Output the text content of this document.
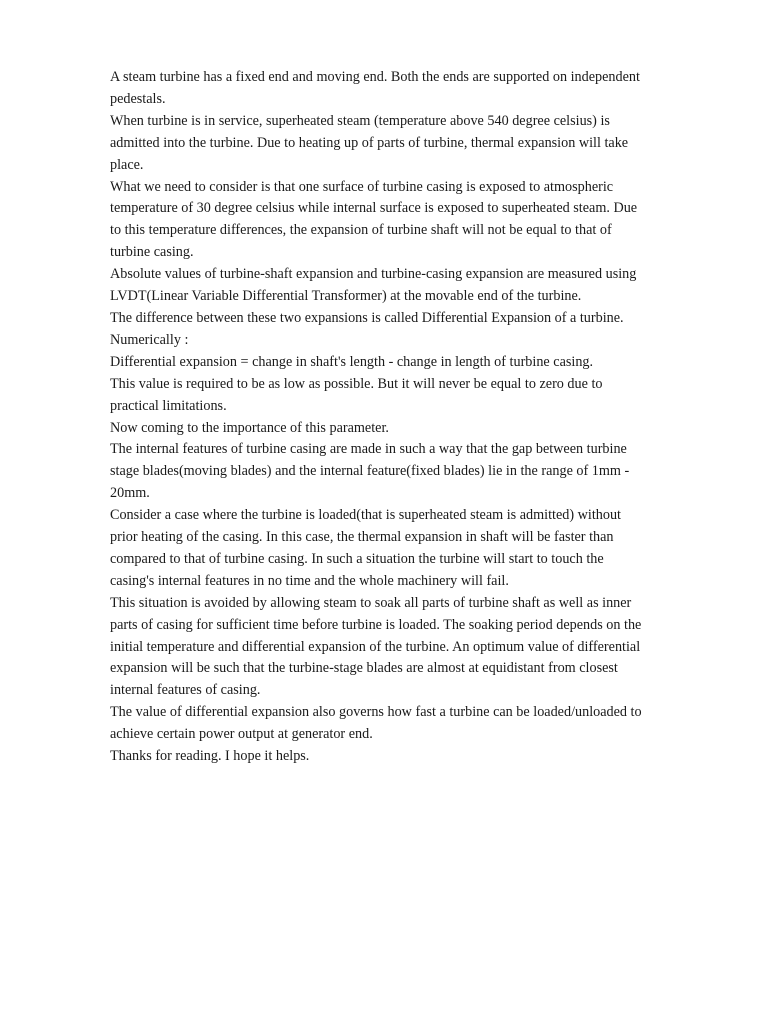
A steam turbine has a fixed end and moving end. Both the ends are supported on independent pedestals.

When turbine is in service, superheated steam (temperature above 540 degree celsius) is admitted into the turbine. Due to heating up of parts of turbine, thermal expansion will take place.

What we need to consider is that one surface of turbine casing is exposed to atmospheric temperature of 30 degree celsius while internal surface is exposed to superheated steam. Due to this temperature differences, the expansion of turbine shaft will not be equal to that of turbine casing.

Absolute values of turbine-shaft expansion and turbine-casing expansion are measured using LVDT(Linear Variable Differential Transformer) at the movable end of the turbine.

The difference between these two expansions is called Differential Expansion of a turbine.

Numerically :

Differential expansion = change in shaft's length - change in length of turbine casing.

This value is required to be as low as possible. But it will never be equal to zero due to practical limitations.

Now coming to the importance of this parameter.

The internal features of turbine casing are made in such a way that the gap between turbine stage blades(moving blades) and the internal feature(fixed blades) lie in the range of 1mm - 20mm.

Consider a case where the turbine is loaded(that is superheated steam is admitted) without prior heating of the casing. In this case, the thermal expansion in shaft will be faster than compared to that of turbine casing. In such a situation the turbine will start to touch the casing's internal features in no time and the whole machinery will fail.

This situation is avoided by allowing steam to soak all parts of turbine shaft as well as inner parts of casing for sufficient time before turbine is loaded. The soaking period depends on the initial temperature and differential expansion of the turbine. An optimum value of differential expansion will be such that the turbine-stage blades are almost at equidistant from closest internal features of casing.

The value of differential expansion also governs how fast a turbine can be loaded/unloaded to achieve certain power output at generator end.

Thanks for reading. I hope it helps.
